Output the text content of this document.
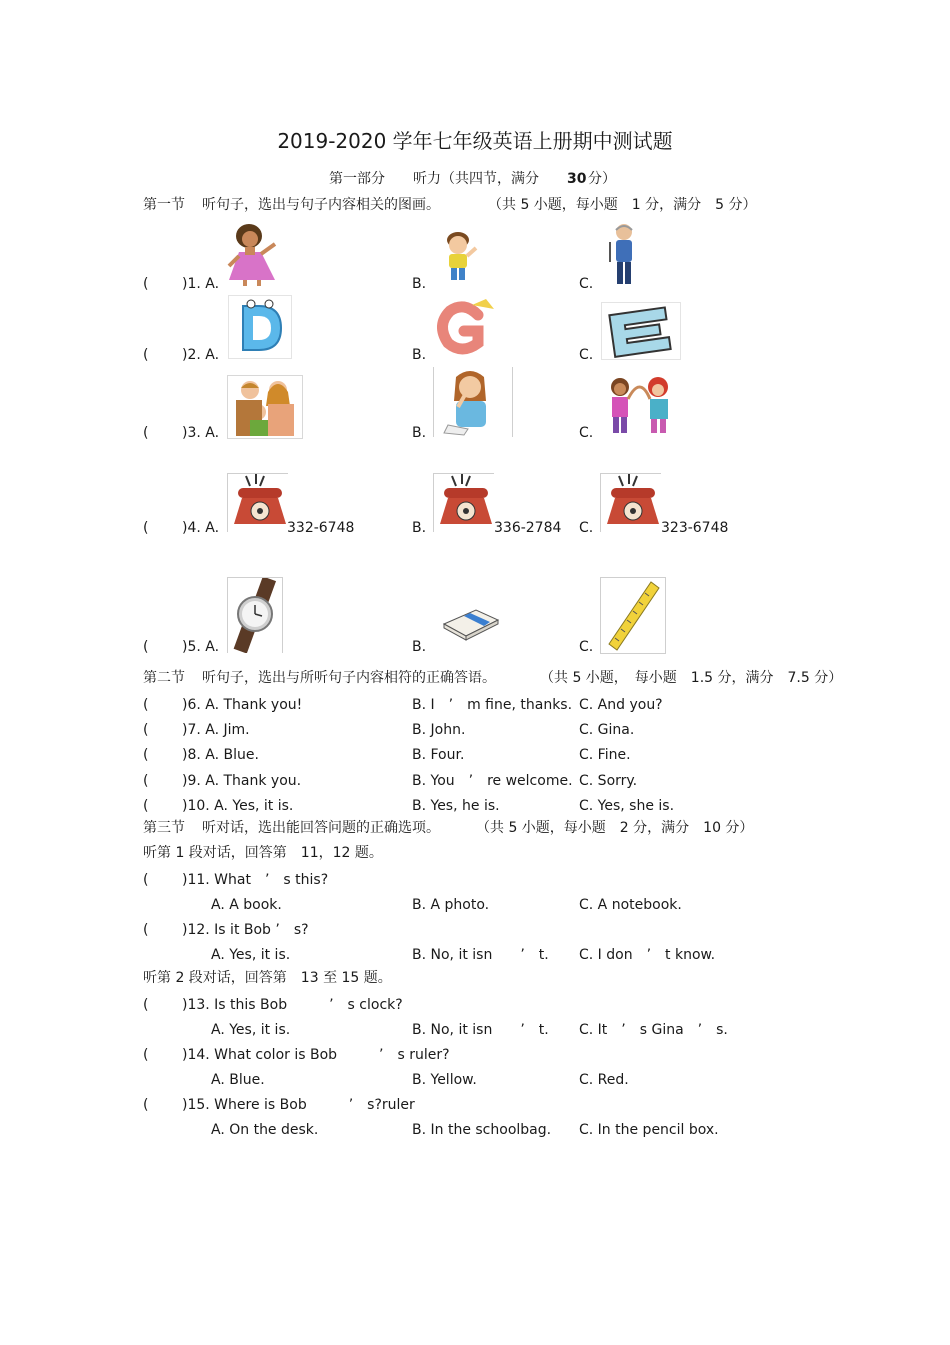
2019-2020 学年七年级英语上册期中测试题
第一部分 听力（共四节，满分 30 分）
第一节 听句子，选出与句子内容相关的图画。	（共 5 小题，每小题　1 分，满分　5 分）
( )1. A.	B.	C.
( )2. A.	B.	C.
( )3. A.	B.	C.
( )4. A.	332-6748	B.	336-2784 C.	323-6748
( )5. A.	B.	C.
第二节 听句子，选出与所听句子内容相符的正确答语。	（共 5 小题，　每小题　1.5 分，满分　7.5 分）
( )6. A. Thank you!	B. I　’　m fine, thanks. C. And you?
( )7. A. Jim.	B. John.	C. Gina.
( )8. A. Blue.	B. Four.	C. Fine.
( )9. A. Thank you.	B. You　’　re welcome. C. Sorry.
( )10. A. Yes, it is.	B. Yes, he is.	C. Yes, she is.
第三节 听对话，选出能回答问题的正确选项。	（共 5 小题，每小题　2 分，满分　10 分）
听第 1 段对话，回答第　11，12 题。
( )11. What　’　s this?
A. A book.	B. A photo.	C. A notebook.
( )12. Is it Bob ’　s?
A. Yes, it is.	B. No, it isn　　’　t. C. I don　’　t know.
听第 2 段对话，回答第　13 至 15 题。
( )13. Is this Bob　　　’　s clock?
A. Yes, it is.	B. No, it isn　　’　t. C. It　’　s Gina　’　s.
( )14. What color is Bob　　　’　s ruler?
A. Blue.	B. Yellow.	C. Red.
( )15. Where is Bob　　　’　s?ruler
A. On the desk.	B. In the schoolbag. C. In the pencil box.
